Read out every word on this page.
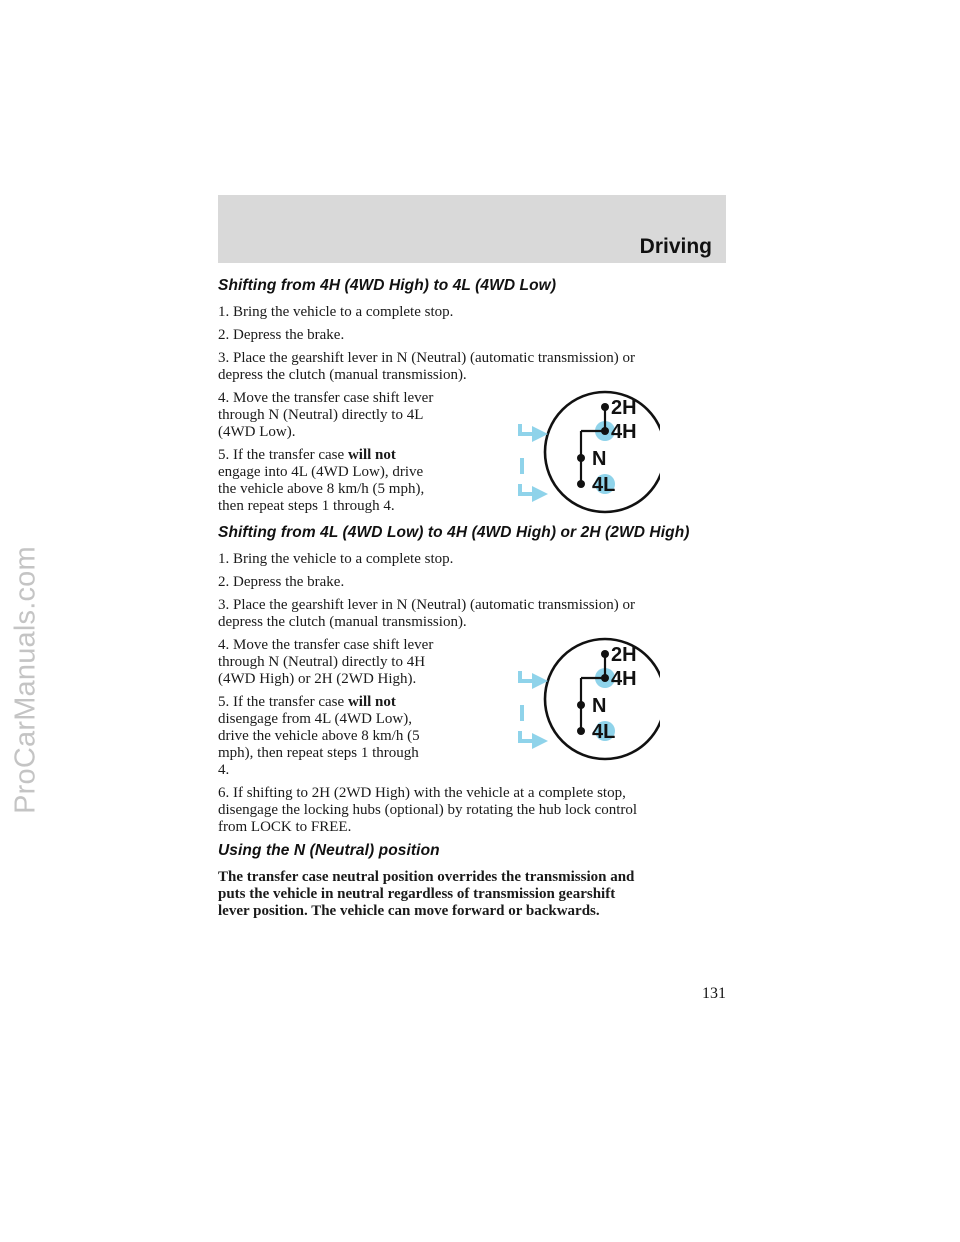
ProCarManuals.com
Driving
Shifting from 4H (4WD High) to 4L (4WD Low)

1. Bring the vehicle to a complete stop.

2. Depress the brake.

3. Place the gearshift lever in N (Neutral) (automatic transmission) or
depress the clutch (manual transmission).

4. Move the transfer case shift lever
through N (Neutral) directly to 4L
(4WD Low).

5. If the transfer case will not
engage into 4L (4WD Low), drive
the vehicle above 8 km/h (5 mph),
then repeat steps 1 through 4.

2H
4H
N
4L
Shifting from 4L (4WD Low) to 4H (4WD High) or 2H (2WD High)

1. Bring the vehicle to a complete stop.

2. Depress the brake.

3. Place the gearshift lever in N (Neutral) (automatic transmission) or
depress the clutch (manual transmission).

4. Move the transfer case shift lever
through N (Neutral) directly to 4H
(4WD High) or 2H (2WD High).

5. If the transfer case will not
disengage from 4L (4WD Low),
drive the vehicle above 8 km/h (5
mph), then repeat steps 1 through
4.

2H
4H
N
4L

6. If shifting to 2H (2WD High) with the vehicle at a complete stop,
disengage the locking hubs (optional) by rotating the hub lock control
from LOCK to FREE.

Using the N (Neutral) position

The transfer case neutral position overrides the transmission and
puts the vehicle in neutral regardless of transmission gearshift
lever position. The vehicle can move forward or backwards.

131
